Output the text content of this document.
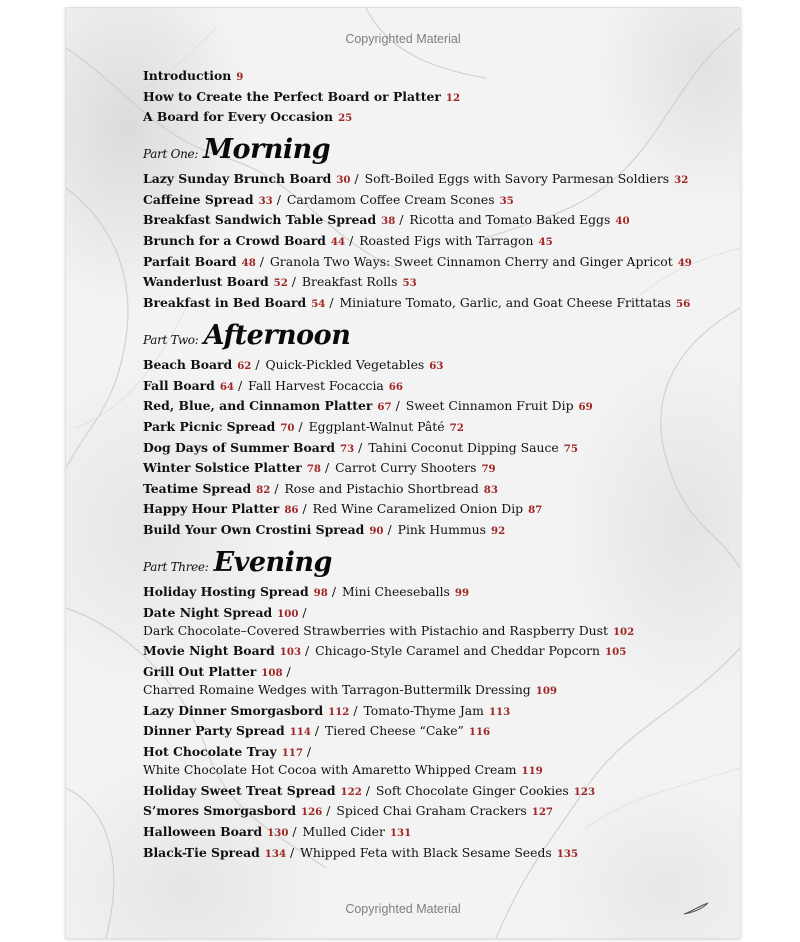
Copyrighted Material
Introduction 9
How to Create the Perfect Board or Platter 12
A Board for Every Occasion 25
Part One: Morning
Lazy Sunday Brunch Board 30 / Soft-Boiled Eggs with Savory Parmesan Soldiers 32
Caffeine Spread 33 / Cardamom Coffee Cream Scones 35
Breakfast Sandwich Table Spread 38 / Ricotta and Tomato Baked Eggs 40
Brunch for a Crowd Board 44 / Roasted Figs with Tarragon 45
Parfait Board 48 / Granola Two Ways: Sweet Cinnamon Cherry and Ginger Apricot 49
Wanderlust Board 52 / Breakfast Rolls 53
Breakfast in Bed Board 54 / Miniature Tomato, Garlic, and Goat Cheese Frittatas 56
Part Two: Afternoon
Beach Board 62 / Quick-Pickled Vegetables 63
Fall Board 64 / Fall Harvest Focaccia 66
Red, Blue, and Cinnamon Platter 67 / Sweet Cinnamon Fruit Dip 69
Park Picnic Spread 70 / Eggplant-Walnut Pâté 72
Dog Days of Summer Board 73 / Tahini Coconut Dipping Sauce 75
Winter Solstice Platter 78 / Carrot Curry Shooters 79
Teatime Spread 82 / Rose and Pistachio Shortbread 83
Happy Hour Platter 86 / Red Wine Caramelized Onion Dip 87
Build Your Own Crostini Spread 90 / Pink Hummus 92
Part Three: Evening
Holiday Hosting Spread 98 / Mini Cheeseballs 99
Date Night Spread 100 /
Dark Chocolate–Covered Strawberries with Pistachio and Raspberry Dust 102
Movie Night Board 103 / Chicago-Style Caramel and Cheddar Popcorn 105
Grill Out Platter 108 /
Charred Romaine Wedges with Tarragon-Buttermilk Dressing 109
Lazy Dinner Smorgasbord 112 / Tomato-Thyme Jam 113
Dinner Party Spread 114 / Tiered Cheese “Cake” 116
Hot Chocolate Tray 117 /
White Chocolate Hot Cocoa with Amaretto Whipped Cream 119
Holiday Sweet Treat Spread 122 / Soft Chocolate Ginger Cookies 123
S’mores Smorgasbord 126 / Spiced Chai Graham Crackers 127
Halloween Board 130 / Mulled Cider 131
Black-Tie Spread 134 / Whipped Feta with Black Sesame Seeds 135
Copyrighted Material
